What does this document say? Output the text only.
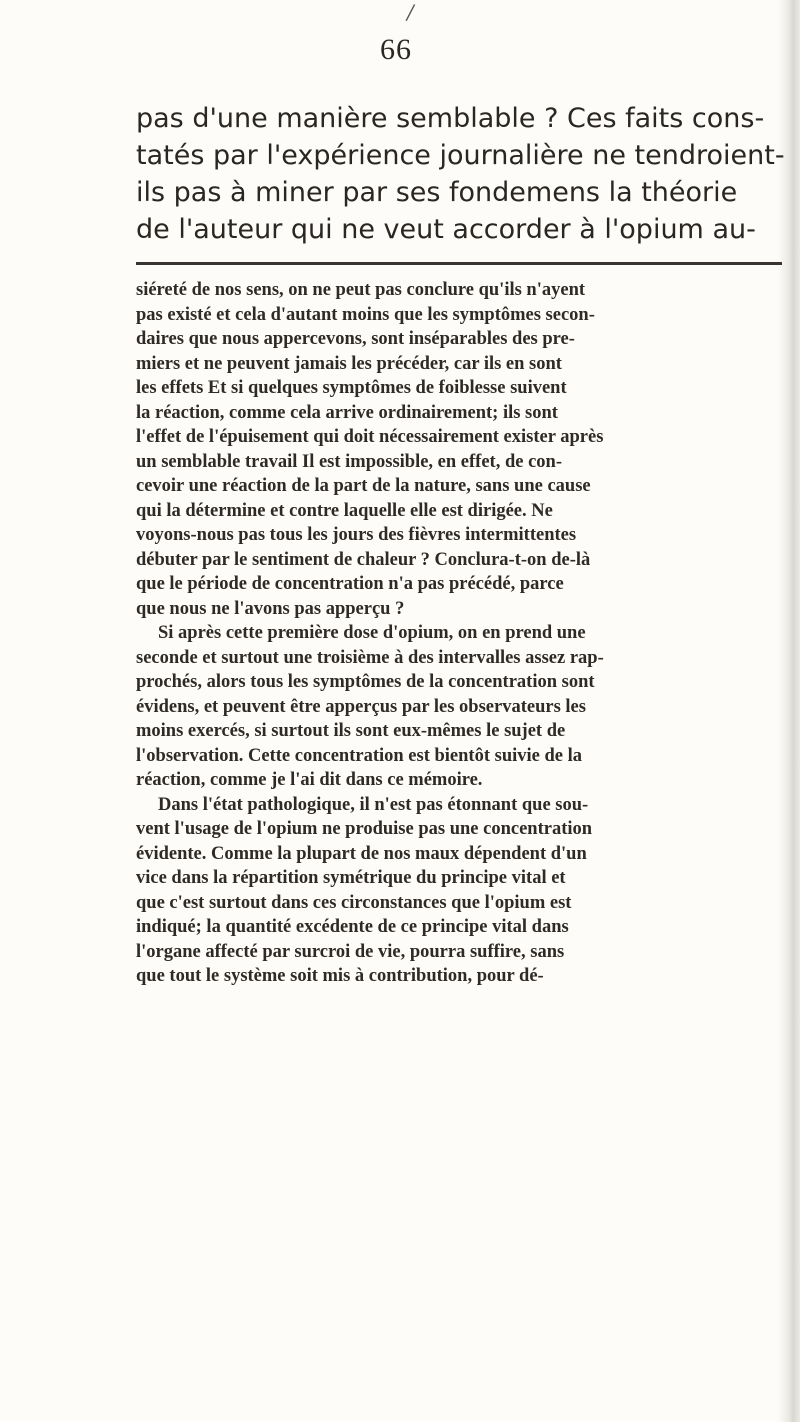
/
66
pas d'une manière semblable ? Ces faits cons-
tatés par l'expérience journalière ne tendroient-
ils pas à miner par ses fondemens la théorie
de l'auteur qui ne veut accorder à l'opium au-
siéreté de nos sens, on ne peut pas conclure qu'ils n'ayent
pas existé et cela d'autant moins que les symptômes secon-
daires que nous appercevons, sont inséparables des pre-
miers et ne peuvent jamais les précéder, car ils en sont
les effets Et si quelques symptômes de foiblesse suivent
la réaction, comme cela arrive ordinairement; ils sont
l'effet de l'épuisement qui doit nécessairement exister après
un semblable travail Il est impossible, en effet, de con-
cevoir une réaction de la part de la nature, sans une cause
qui la détermine et contre laquelle elle est dirigée. Ne
voyons-nous pas tous les jours des fièvres intermittentes
débuter par le sentiment de chaleur ? Conclura-t-on de-là
que le période de concentration n'a pas précédé, parce
que nous ne l'avons pas apperçu ?
Si après cette première dose d'opium, on en prend une
seconde et surtout une troisième à des intervalles assez rap-
prochés, alors tous les symptômes de la concentration sont
évidens, et peuvent être apperçus par les observateurs les
moins exercés, si surtout ils sont eux-mêmes le sujet de
l'observation. Cette concentration est bientôt suivie de la
réaction, comme je l'ai dit dans ce mémoire.
Dans l'état pathologique, il n'est pas étonnant que sou-
vent l'usage de l'opium ne produise pas une concentration
évidente. Comme la plupart de nos maux dépendent d'un
vice dans la répartition symétrique du principe vital et
que c'est surtout dans ces circonstances que l'opium est
indiqué; la quantité excédente de ce principe vital dans
l'organe affecté par surcroi de vie, pourra suffire, sans
que tout le système soit mis à contribution, pour dé-
